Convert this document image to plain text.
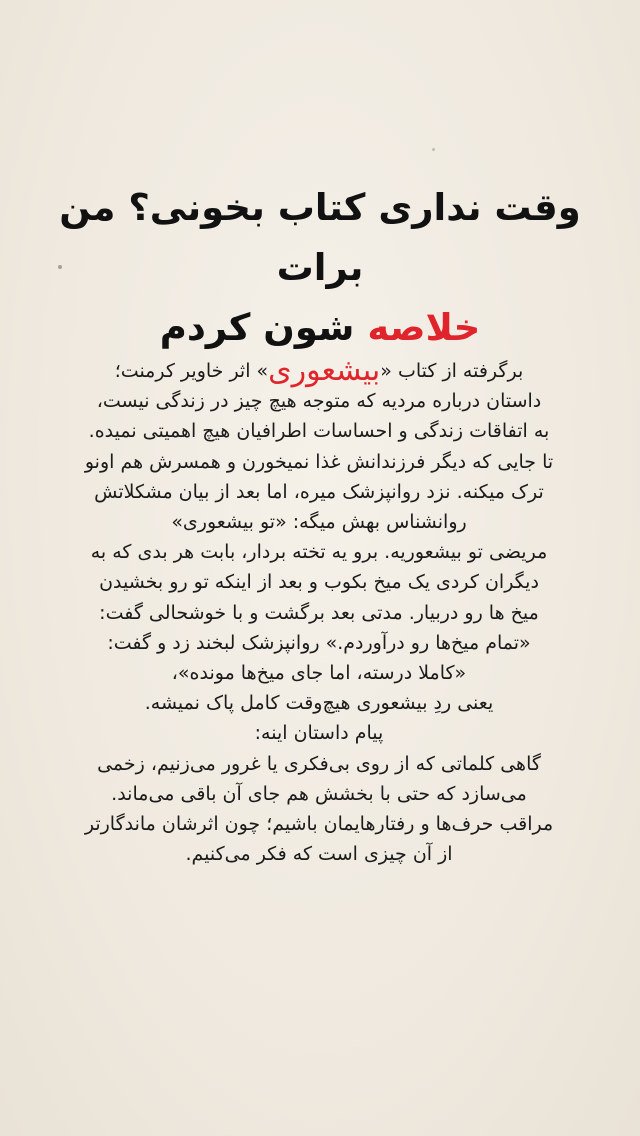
وقت نداری کتاب بخونی؟ من برات
خلاصه شون کردم
برگرفته از کتاب «بیشعوری» اثر خاویر کرمنت؛
داستان درباره مردیه که متوجه هیچ چیز در زندگی نیست،
به اتفاقات زندگی و احساسات اطرافیان هیچ اهمیتی نمیده.
تا جایی که دیگر فرزندانش غذا نمیخورن و همسرش هم اونو
ترک میکنه. نزد روانپزشک میره، اما بعد از بیان مشکلاتش
روانشناس بهش میگه: «تو بیشعوری»
مریضی تو بیشعوریه. برو یه تخته بردار، بابت هر بدی که به
دیگران کردی یک میخ بکوب و بعد از اینکه تو رو بخشیدن
میخ ها رو دربیار. مدتی بعد برگشت و با خوشحالی گفت:
«تمام میخ‌ها رو درآوردم.» روانپزشک لبخند زد و گفت:
«کاملا درسته، اما جای میخ‌ها مونده»،
یعنی ردِ بیشعوری هیچ‌وقت کامل پاک نمیشه.
پیام داستان اینه:
گاهی کلماتی که از روی بی‌فکری یا غرور می‌زنیم، زخمی
می‌سازد که حتی با بخشش هم جای آن باقی می‌ماند.
مراقب حرف‌ها و رفتارهایمان باشیم؛ چون اثرشان ماندگارتر
از آن چیزی است که فکر می‌کنیم.
